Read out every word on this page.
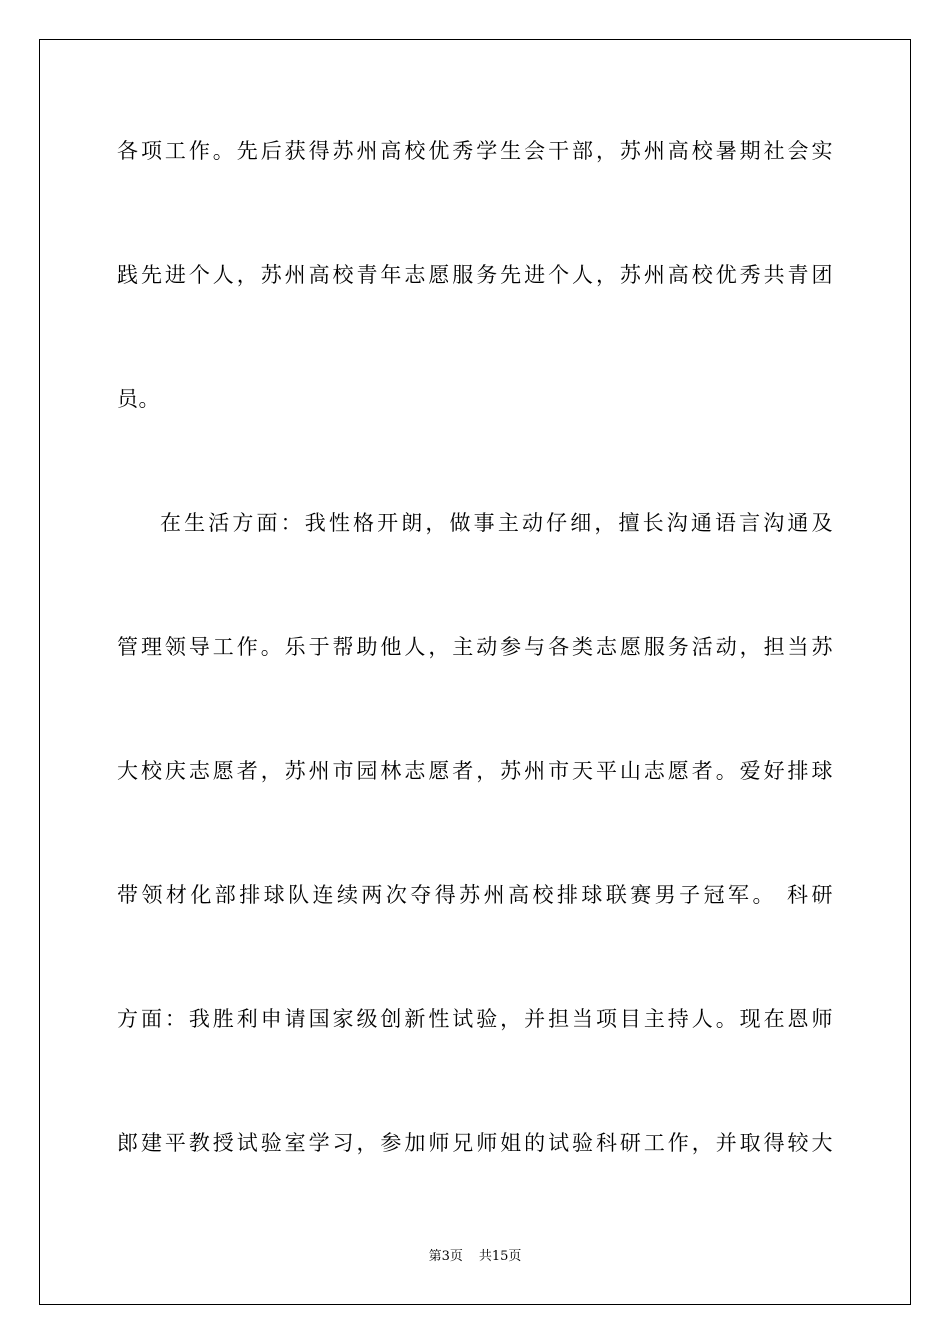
各项工作。先后获得苏州高校优秀学生会干部，苏州高校暑期社会实
践先进个人，苏州高校青年志愿服务先进个人，苏州高校优秀共青团
员。
在生活方面：我性格开朗，做事主动仔细，擅长沟通语言沟通及
管理领导工作。乐于帮助他人，主动参与各类志愿服务活动，担当苏
大校庆志愿者，苏州市园林志愿者，苏州市天平山志愿者。爱好排球
带领材化部排球队连续两次夺得苏州高校排球联赛男子冠军。 科研
方面：我胜利申请国家级创新性试验，并担当项目主持人。现在恩师
郎建平教授试验室学习，参加师兄师姐的试验科研工作，并取得较大
第3页 共15页
